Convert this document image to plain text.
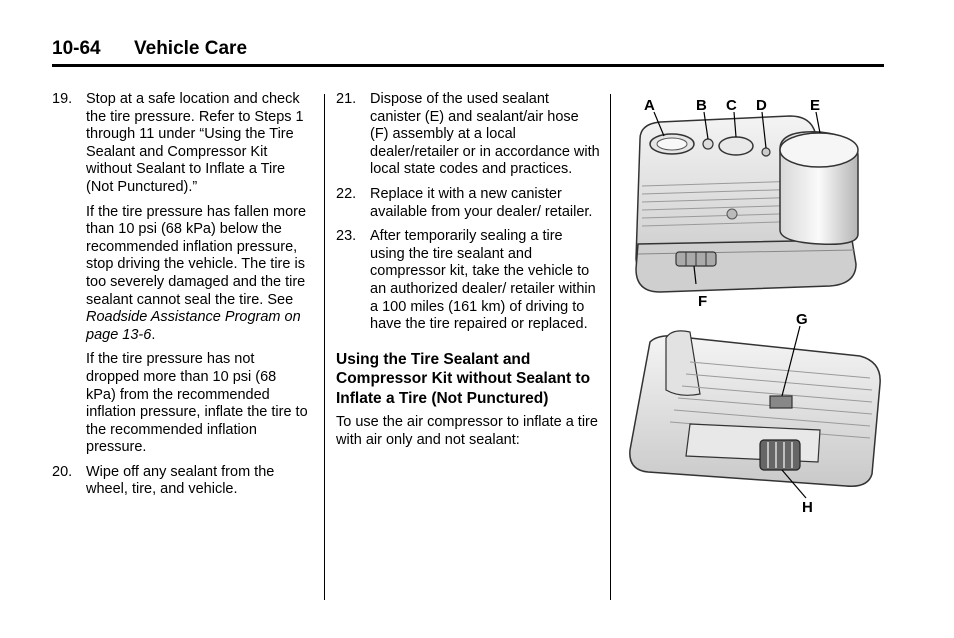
10-64 Vehicle Care
19. Stop at a safe location and check the tire pressure. Refer to Steps 1 through 11 under “Using the Tire Sealant and Compressor Kit without Sealant to Inflate a Tire (Not Punctured).”

If the tire pressure has fallen more than 10 psi (68 kPa) below the recommended inflation pressure, stop driving the vehicle. The tire is too severely damaged and the tire sealant cannot seal the tire. See Roadside Assistance Program on page 13-6.

If the tire pressure has not dropped more than 10 psi (68 kPa) from the recommended inflation pressure, inflate the tire to the recommended inflation pressure.

20. Wipe off any sealant from the wheel, tire, and vehicle.
21. Dispose of the used sealant canister (E) and sealant/air hose (F) assembly at a local dealer/retailer or in accordance with local state codes and practices.
22. Replace it with a new canister available from your dealer/ retailer.
23. After temporarily sealing a tire using the tire sealant and compressor kit, take the vehicle to an authorized dealer/ retailer within a 100 miles (161 km) of driving to have the tire repaired or replaced.
Using the Tire Sealant and Compressor Kit without Sealant to Inflate a Tire (Not Punctured)

To use the air compressor to inflate a tire with air only and not sealant:

A	B C D	E
F
G
H
